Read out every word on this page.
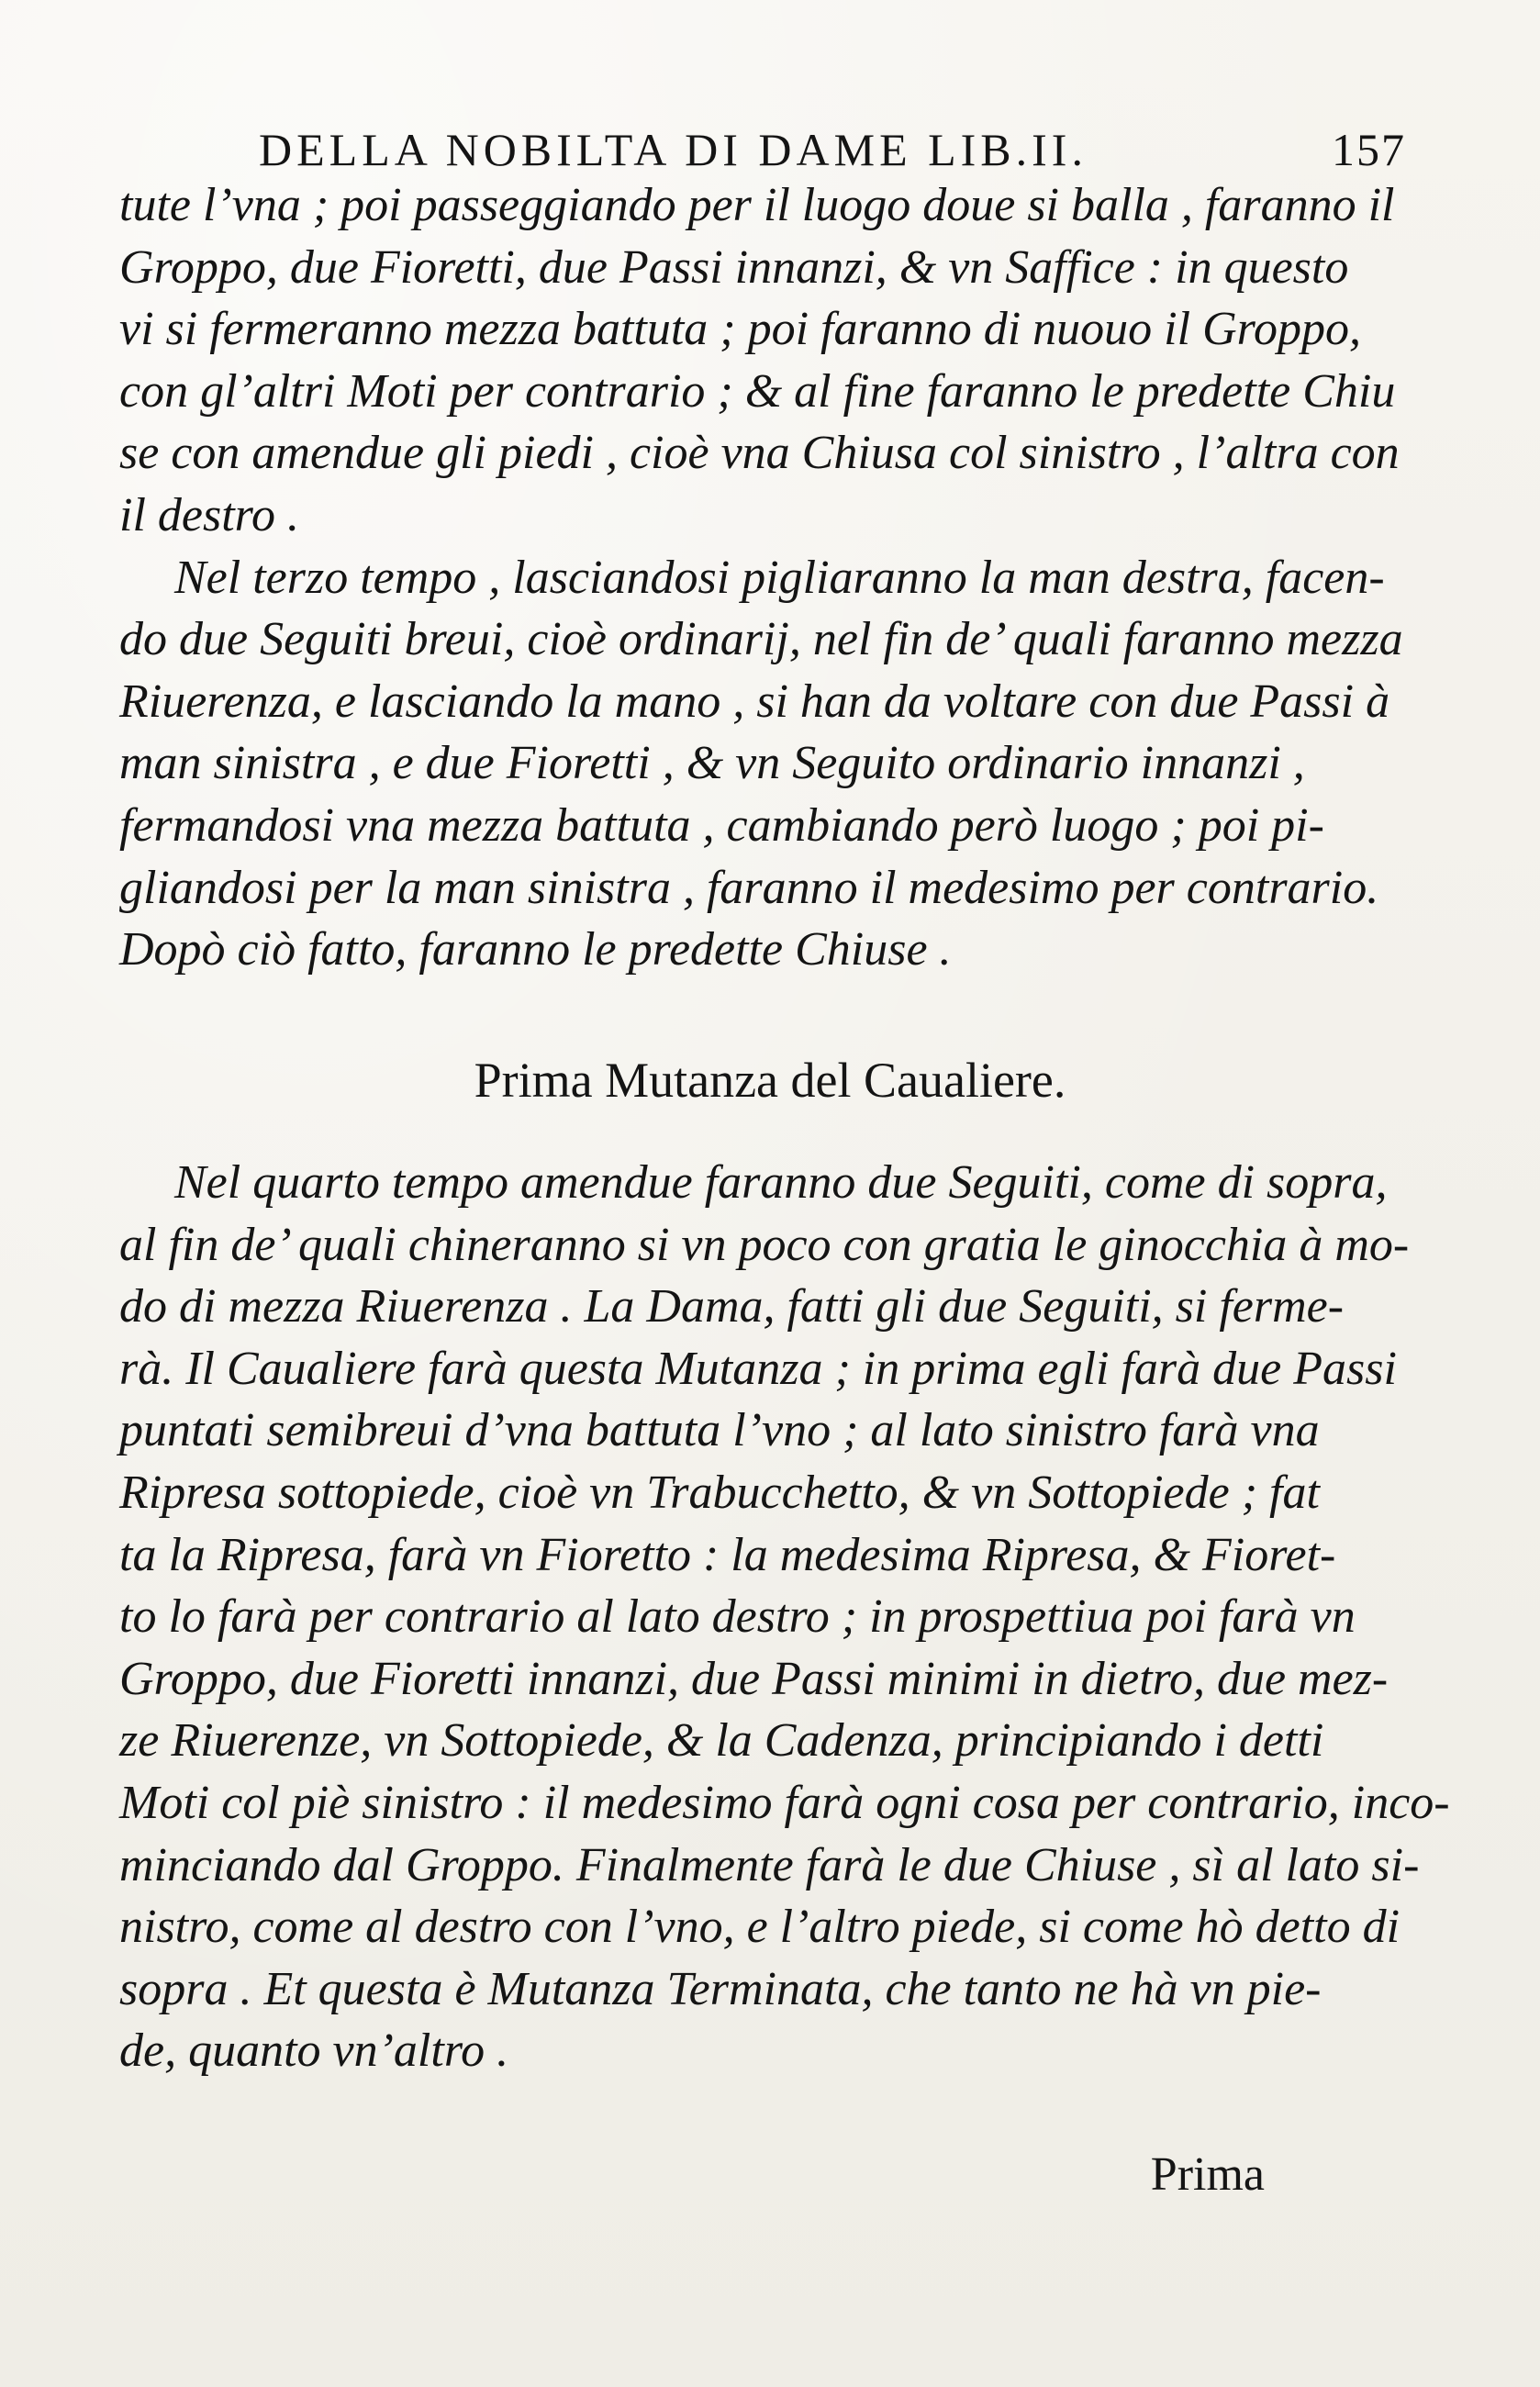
DELLA NOBILTA DI DAME LIB.II.	157
tute l’vna ; poi passeggiando per il luogo doue si balla , faranno il
Groppo, due Fioretti, due Passi innanzi, & vn Saffice : in questo
vi si fermeranno mezza battuta ; poi faranno di nuouo il Groppo,
con gl’altri Moti per contrario ; & al fine faranno le predette Chiu
se con amendue gli piedi , cioè vna Chiusa col sinistro , l’altra con
il destro .
Nel terzo tempo , lasciandosi pigliaranno la man destra, facen-
do due Seguiti breui, cioè ordinarij, nel fin de’ quali faranno mezza
Riuerenza, e lasciando la mano , si han da voltare con due Passi à
man sinistra , e due Fioretti , & vn Seguito ordinario innanzi ,
fermandosi vna mezza battuta , cambiando però luogo ; poi pi-
gliandosi per la man sinistra , faranno il medesimo per contrario.
Dopò ciò fatto, faranno le predette Chiuse .
Prima Mutanza del Caualiere.
Nel quarto tempo amendue faranno due Seguiti, come di sopra,
al fin de’ quali chineranno si vn poco con gratia le ginocchia à mo-
do di mezza Riuerenza . La Dama, fatti gli due Seguiti, si ferme-
rà. Il Caualiere farà questa Mutanza ; in prima egli farà due Passi
puntati semibreui d’vna battuta l’vno ; al lato sinistro farà vna
Ripresa sottopiede, cioè vn Trabucchetto, & vn Sottopiede ; fat
ta la Ripresa, farà vn Fioretto : la medesima Ripresa, & Fioret-
to lo farà per contrario al lato destro ; in prospettiua poi farà vn
Groppo, due Fioretti innanzi, due Passi minimi in dietro, due mez-
ze Riuerenze, vn Sottopiede, & la Cadenza, principiando i detti
Moti col piè sinistro : il medesimo farà ogni cosa per contrario, inco-
minciando dal Groppo. Finalmente farà le due Chiuse , sì al lato si-
nistro, come al destro con l’vno, e l’altro piede, si come hò detto di
sopra . Et questa è Mutanza Terminata, che tanto ne hà vn pie-
de, quanto vn’altro .
Prima
